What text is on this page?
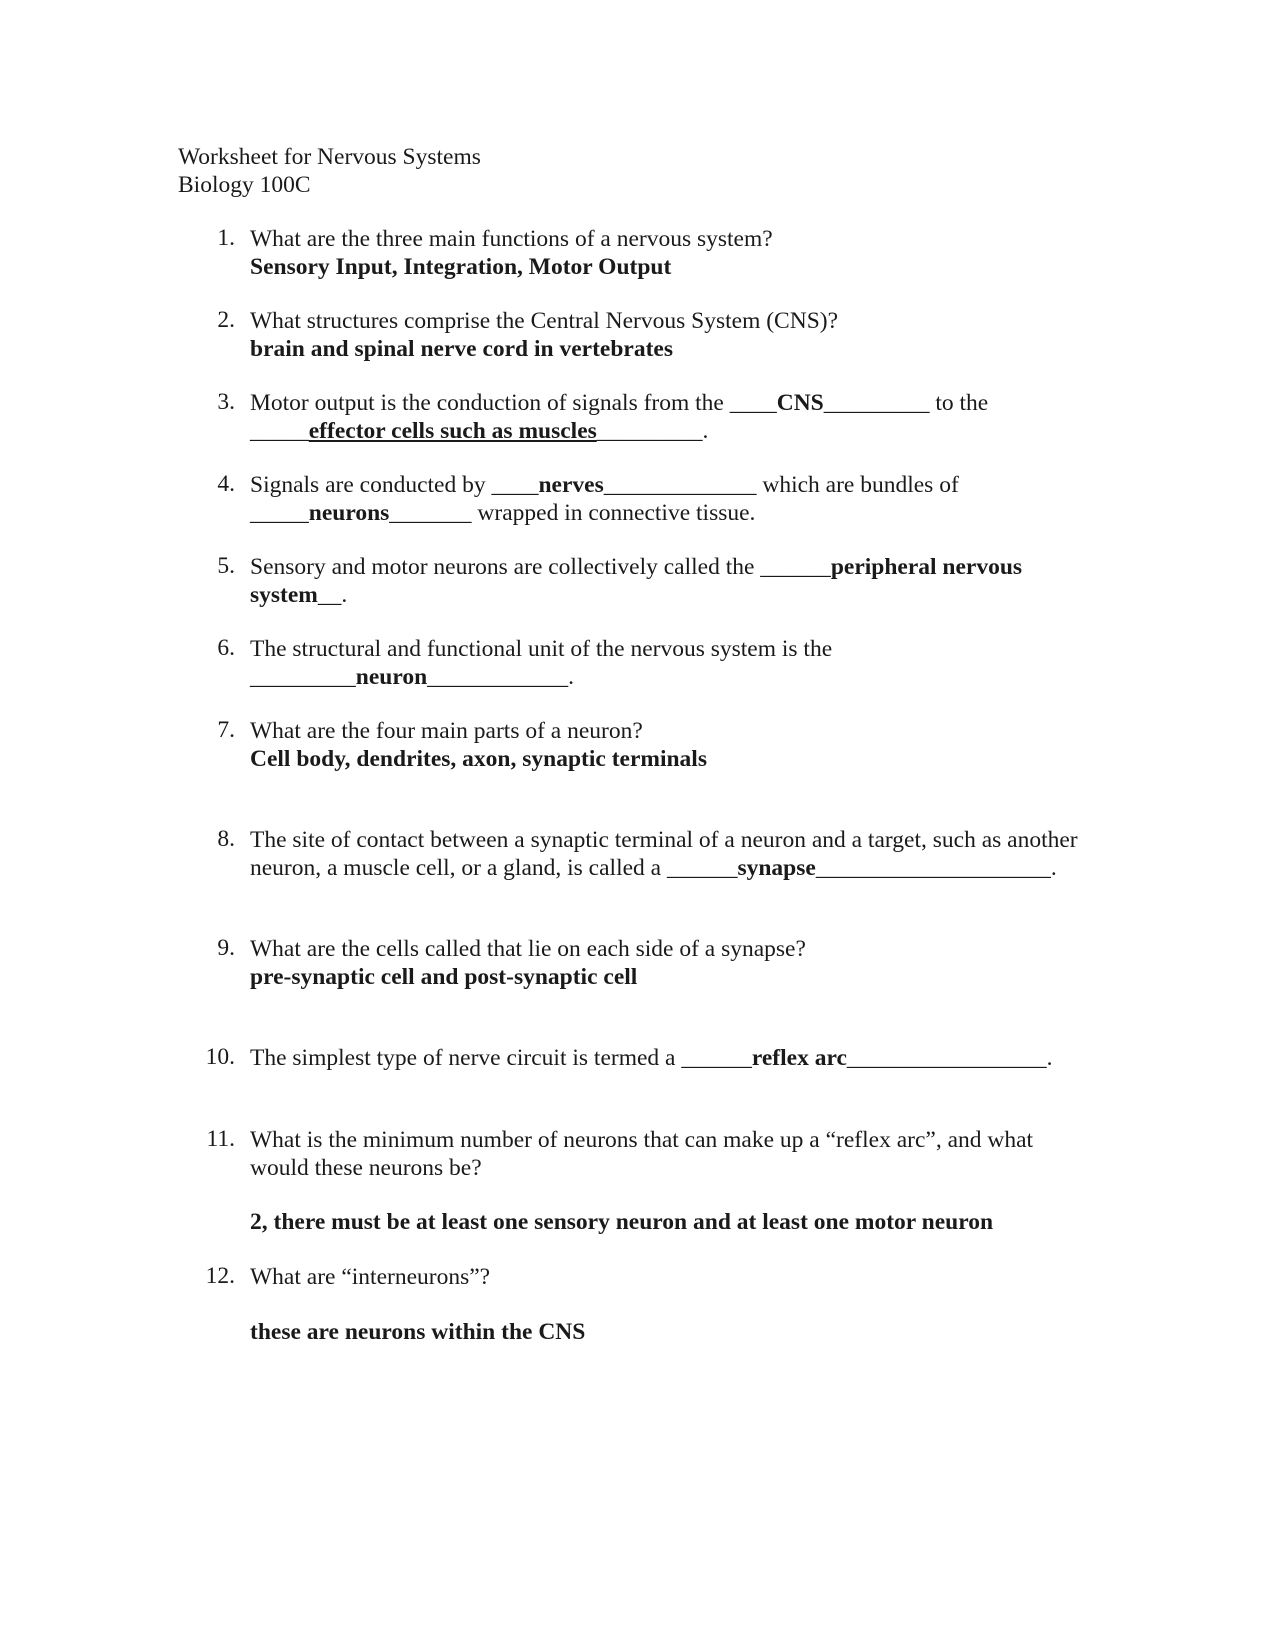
Worksheet for Nervous Systems
Biology 100C
1. What are the three main functions of a nervous system?
Sensory Input, Integration, Motor Output
2. What structures comprise the Central Nervous System (CNS)?
brain and spinal nerve cord in vertebrates
3. Motor output is the conduction of signals from the ____CNS_________ to the
_____effector cells such as muscles_________.
4. Signals are conducted by ____nerves_____________ which are bundles of
_____neurons_______ wrapped in connective tissue.
5. Sensory and motor neurons are collectively called the ______peripheral nervous
system__.
6. The structural and functional unit of the nervous system is the
_________neuron____________.
7. What are the four main parts of a neuron?
Cell body, dendrites, axon, synaptic terminals
8. The site of contact between a synaptic terminal of a neuron and a target, such as another
neuron, a muscle cell, or a gland, is called a ______synapse____________________.
9. What are the cells called that lie on each side of a synapse?
pre-synaptic cell and post-synaptic cell
10. The simplest type of nerve circuit is termed a ______reflex arc_________________.
11. What is the minimum number of neurons that can make up a “reflex arc”, and what
would these neurons be?
2, there must be at least one sensory neuron and at least one motor neuron
12. What are “interneurons”?
these are neurons within the CNS
